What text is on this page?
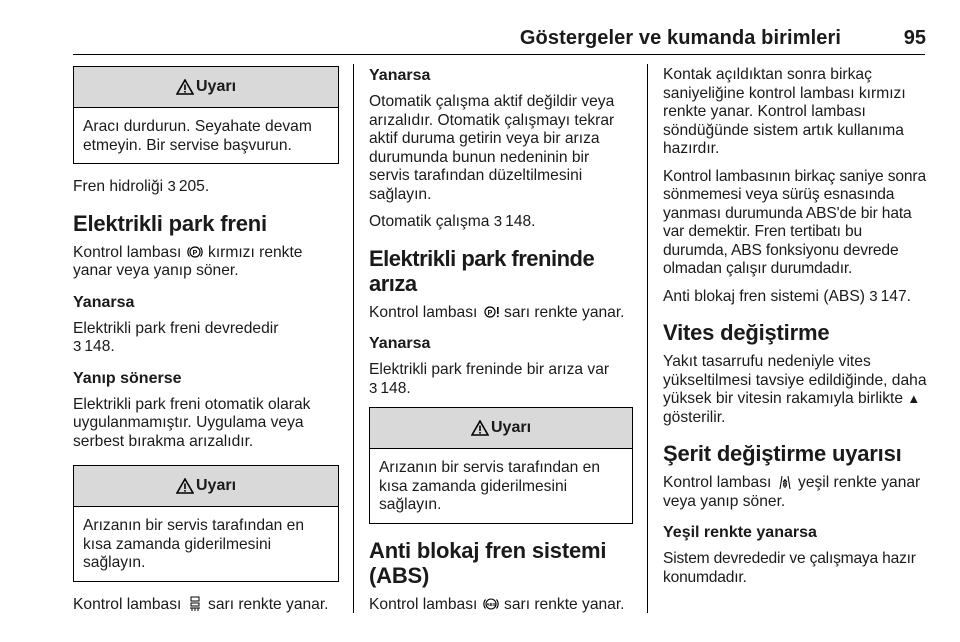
Göstergeler ve kumanda birimleri	95
Uyarı
Aracı durdurun. Seyahate devam etmeyin. Bir servise başvurun.

Fren hidroliği 3 205.

Elektrikli park freni

Kontrol lambası P kırmızı renkte yanar veya yanıp söner.

Yanarsa

Elektrikli park freni devrededir
3 148.

Yanıp sönerse

Elektrikli park freni otomatik olarak uygulanmamıştır. Uygulama veya serbest bırakma arızalıdır.

Uyarı
Arızanın bir servis tarafından en kısa zamanda giderilmesini sağlayın.

Kontrol lambası sarı renkte yanar.

Yanarsa

Otomatik çalışma aktif değildir veya arızalıdır. Otomatik çalışmayı tekrar aktif duruma getirin veya bir arıza durumunda bunun nedeninin bir servis tarafından düzeltilmesini sağlayın.

Otomatik çalışma 3 148.

Elektrikli park freninde arıza

Kontrol lambası P sarı renkte yanar.

Yanarsa

Elektrikli park freninde bir arıza var
3 148.

Uyarı
Arızanın bir servis tarafından en kısa zamanda giderilmesini sağlayın.
Anti blokaj fren sistemi (ABS)

Kontrol lambası ABS sarı renkte yanar.

Kontak açıldıktan sonra birkaç saniyeliğine kontrol lambası kırmızı renkte yanar. Kontrol lambası söndüğünde sistem artık kullanıma hazırdır.

Kontrol lambasının birkaç saniye sonra sönmemesi veya sürüş esnasında yanması durumunda ABS'de bir hata var demektir. Fren tertibatı bu durumda, ABS fonksiyonu devrede olmadan çalışır durumdadır.

Anti blokaj fren sistemi (ABS) 3 147.

Vites değiştirme

Yakıt tasarrufu nedeniyle vites yükseltilmesi tavsiye edildiğinde, daha yüksek bir vitesin rakamıyla birlikte ▲ gösterilir.

Şerit değiştirme uyarısı

Kontrol lambası yeşil renkte yanar veya yanıp söner.

Yeşil renkte yanarsa

Sistem devrededir ve çalışmaya hazır konumdadır.
